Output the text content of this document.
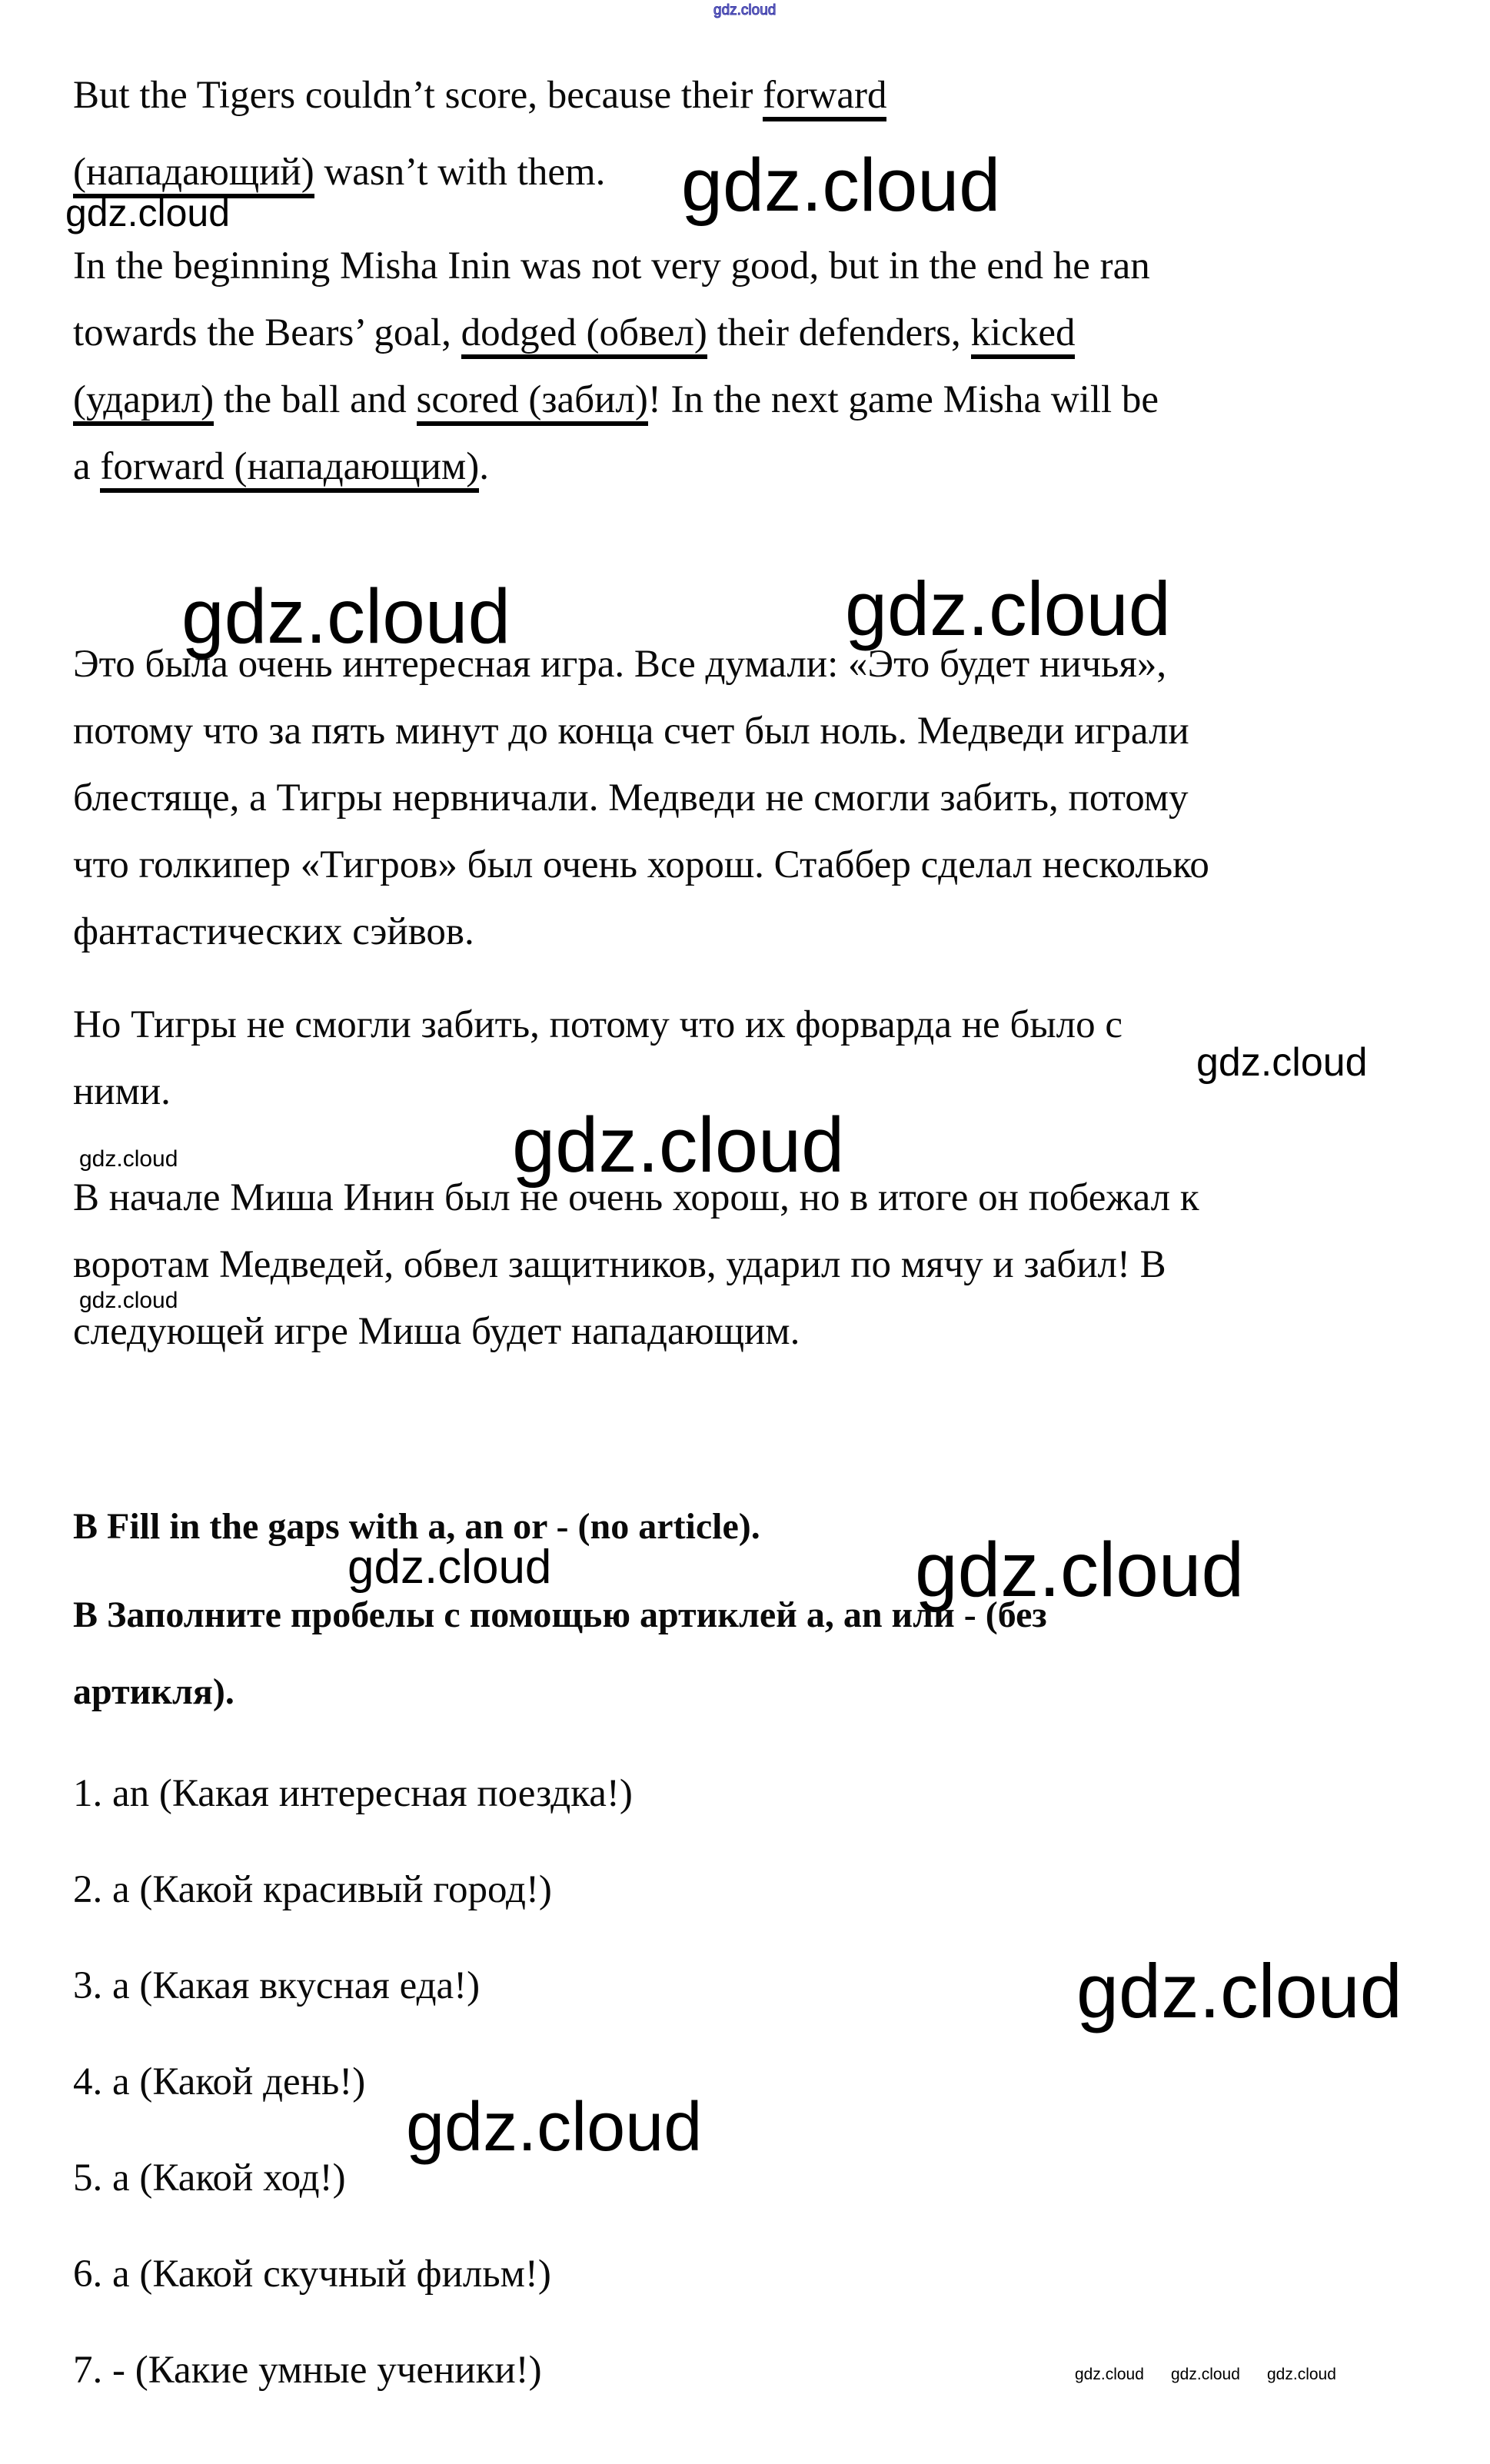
gdz.cloud
gdz.cloud
gdz.cloud
gdz.cloud	gdz.cloud
gdz.cloud
gdz.cloud
gdz.cloud
gdz.cloud
gdz.cloud	gdz.cloud
gdz.cloud
gdz.cloud
gdz.cloud gdz.cloud gdz.cloud
But the Tigers couldn’t score, because their forward
(нападающий) wasn’t with them.
In the beginning Misha Inin was not very good, but in the end he ran
towards the Bears’ goal, dodged (обвел) their defenders, kicked
(ударил) the ball and scored (забил)! In the next game Misha will be
a forward (нападающим).
Это была очень интересная игра. Все думали: «Это будет ничья»,
потому что за пять минут до конца счет был ноль. Медведи играли
блестяще, а Тигры нервничали. Медведи не смогли забить, потому
что голкипер «Тигров» был очень хорош. Стаббер сделал несколько
фантастических сэйвов.
Но Тигры не смогли забить, потому что их форварда не было с
ними.
В начале Миша Инин был не очень хорош, но в итоге он побежал к
воротам Медведей, обвел защитников, ударил по мячу и забил! В
следующей игре Миша будет нападающим.
B Fill in the gaps with a, an or - (no article).
В Заполните пробелы с помощью артиклей a, an или - (без
артикля).
1. an (Какая интересная поездка!)
2. a (Какой красивый город!)
3. a (Какая вкусная еда!)
4. a (Какой день!)
5. a (Какой ход!)
6. a (Какой скучный фильм!)
7. - (Какие умные ученики!)
